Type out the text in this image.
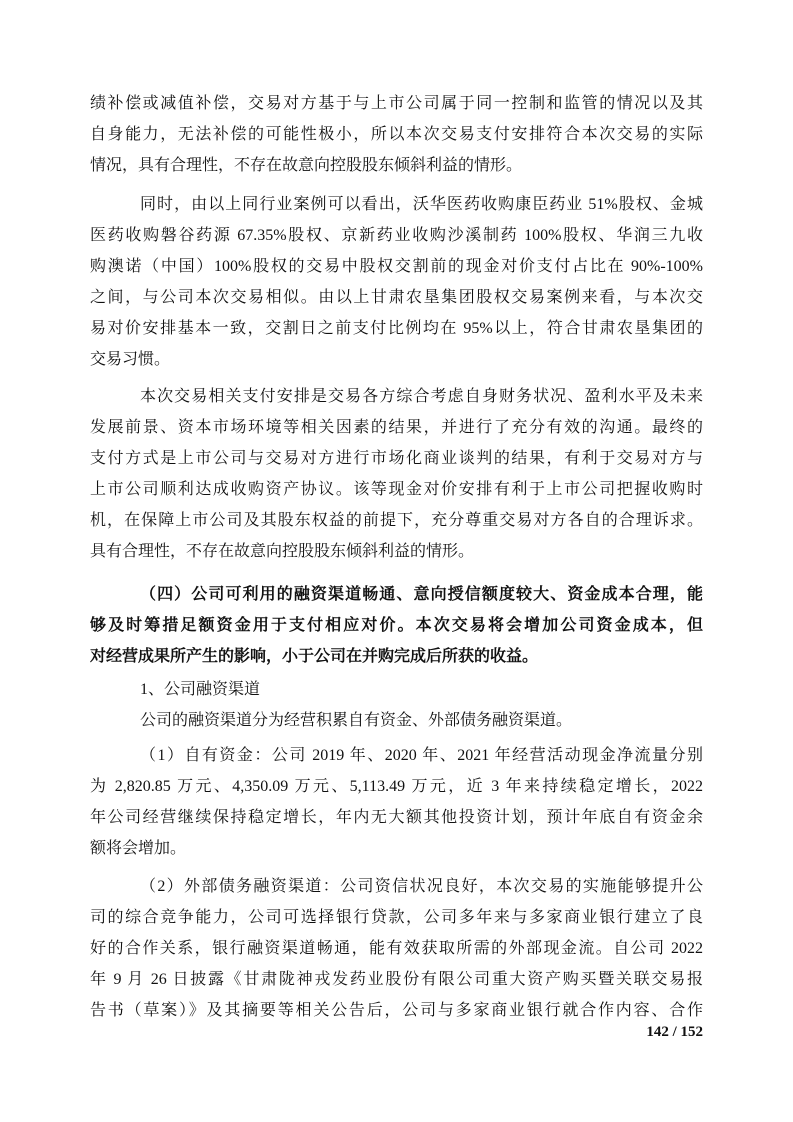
绩补偿或减值补偿，交易对方基于与上市公司属于同一控制和监管的情况以及其
自身能力，无法补偿的可能性极小，所以本次交易支付安排符合本次交易的实际
情况，具有合理性，不存在故意向控股股东倾斜利益的情形。
同时，由以上同行业案例可以看出，沃华医药收购康臣药业 51%股权、金城
医药收购磐谷药源 67.35%股权、京新药业收购沙溪制药 100%股权、华润三九收
购澳诺（中国）100%股权的交易中股权交割前的现金对价支付占比在 90%-100%
之间，与公司本次交易相似。由以上甘肃农垦集团股权交易案例来看，与本次交
易对价安排基本一致，交割日之前支付比例均在 95%以上，符合甘肃农垦集团的
交易习惯。
本次交易相关支付安排是交易各方综合考虑自身财务状况、盈利水平及未来
发展前景、资本市场环境等相关因素的结果，并进行了充分有效的沟通。最终的
支付方式是上市公司与交易对方进行市场化商业谈判的结果，有利于交易对方与
上市公司顺利达成收购资产协议。该等现金对价安排有利于上市公司把握收购时
机，在保障上市公司及其股东权益的前提下，充分尊重交易对方各自的合理诉求。
具有合理性，不存在故意向控股股东倾斜利益的情形。
（四）公司可利用的融资渠道畅通、意向授信额度较大、资金成本合理，能
够及时筹措足额资金用于支付相应对价。本次交易将会增加公司资金成本，但
对经营成果所产生的影响，小于公司在并购完成后所获的收益。
1、公司融资渠道
公司的融资渠道分为经营积累自有资金、外部债务融资渠道。
（1）自有资金：公司 2019 年、2020 年、2021 年经营活动现金净流量分别
为 2,820.85 万元、4,350.09 万元、5,113.49 万元，近 3 年来持续稳定增长，2022
年公司经营继续保持稳定增长，年内无大额其他投资计划，预计年底自有资金余
额将会增加。
（2）外部债务融资渠道：公司资信状况良好，本次交易的实施能够提升公
司的综合竞争能力，公司可选择银行贷款，公司多年来与多家商业银行建立了良
好的合作关系，银行融资渠道畅通，能有效获取所需的外部现金流。自公司 2022
年 9 月 26 日披露《甘肃陇神戎发药业股份有限公司重大资产购买暨关联交易报
告书（草案）》及其摘要等相关公告后，公司与多家商业银行就合作内容、合作
142 / 152
